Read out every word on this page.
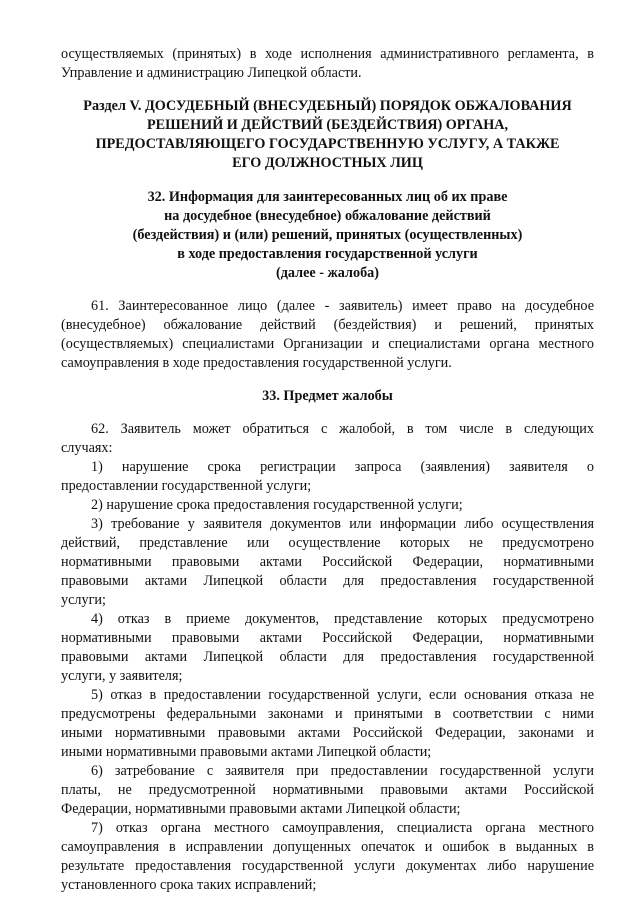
осуществляемых (принятых) в ходе исполнения административного регламента, в
Управление и администрацию Липецкой области.
Раздел V. ДОСУДЕБНЫЙ (ВНЕСУДЕБНЫЙ) ПОРЯДОК ОБЖАЛОВАНИЯ
РЕШЕНИЙ И ДЕЙСТВИЙ (БЕЗДЕЙСТВИЯ) ОРГАНА,
ПРЕДОСТАВЛЯЮЩЕГО ГОСУДАРСТВЕННУЮ УСЛУГУ, А ТАКЖЕ
ЕГО ДОЛЖНОСТНЫХ ЛИЦ
32. Информация для заинтересованных лиц об их праве
на досудебное (внесудебное) обжалование действий
(бездействия) и (или) решений, принятых (осуществленных)
в ходе предоставления государственной услуги
(далее - жалоба)
61. Заинтересованное лицо (далее - заявитель) имеет право на досудебное
(внесудебное) обжалование действий (бездействия) и решений, принятых
(осуществляемых) специалистами Организации и специалистами органа местного
самоуправления в ходе предоставления государственной услуги.
33. Предмет жалобы
62. Заявитель может обратиться с жалобой, в том числе в следующих
случаях:
1) нарушение срока регистрации запроса (заявления) заявителя о
предоставлении государственной услуги;
2) нарушение срока предоставления государственной услуги;
3) требование у заявителя документов или информации либо осуществления
действий, представление или осуществление которых не предусмотрено
нормативными правовыми актами Российской Федерации, нормативными
правовыми актами Липецкой области для предоставления государственной
услуги;
4) отказ в приеме документов, представление которых предусмотрено
нормативными правовыми актами Российской Федерации, нормативными
правовыми актами Липецкой области для предоставления государственной
услуги, у заявителя;
5) отказ в предоставлении государственной услуги, если основания отказа не
предусмотрены федеральными законами и принятыми в соответствии с ними
иными нормативными правовыми актами Российской Федерации, законами и
иными нормативными правовыми актами Липецкой области;
6) затребование с заявителя при предоставлении государственной услуги
платы, не предусмотренной нормативными правовыми актами Российской
Федерации, нормативными правовыми актами Липецкой области;
7) отказ органа местного самоуправления, специалиста органа местного
самоуправления в исправлении допущенных опечаток и ошибок в выданных в
результате предоставления государственной услуги документах либо нарушение
установленного срока таких исправлений;
